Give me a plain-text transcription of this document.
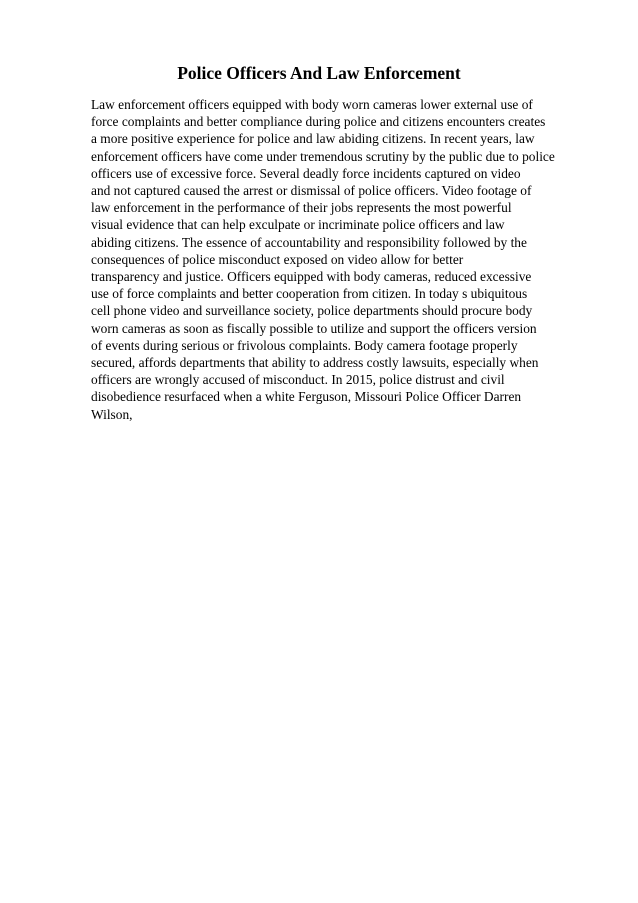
Police Officers And Law Enforcement
Law enforcement officers equipped with body worn cameras lower external use of
force complaints and better compliance during police and citizens encounters creates
a more positive experience for police and law abiding citizens. In recent years, law
enforcement officers have come under tremendous scrutiny by the public due to police
officers use of excessive force. Several deadly force incidents captured on video
and not captured caused the arrest or dismissal of police officers. Video footage of
law enforcement in the performance of their jobs represents the most powerful
visual evidence that can help exculpate or incriminate police officers and law
abiding citizens. The essence of accountability and responsibility followed by the
consequences of police misconduct exposed on video allow for better
transparency and justice. Officers equipped with body cameras, reduced excessive
use of force complaints and better cooperation from citizen. In today s ubiquitous
cell phone video and surveillance society, police departments should procure body
worn cameras as soon as fiscally possible to utilize and support the officers version
of events during serious or frivolous complaints. Body camera footage properly
secured, affords departments that ability to address costly lawsuits, especially when
officers are wrongly accused of misconduct. In 2015, police distrust and civil
disobedience resurfaced when a white Ferguson, Missouri Police Officer Darren
Wilson,
